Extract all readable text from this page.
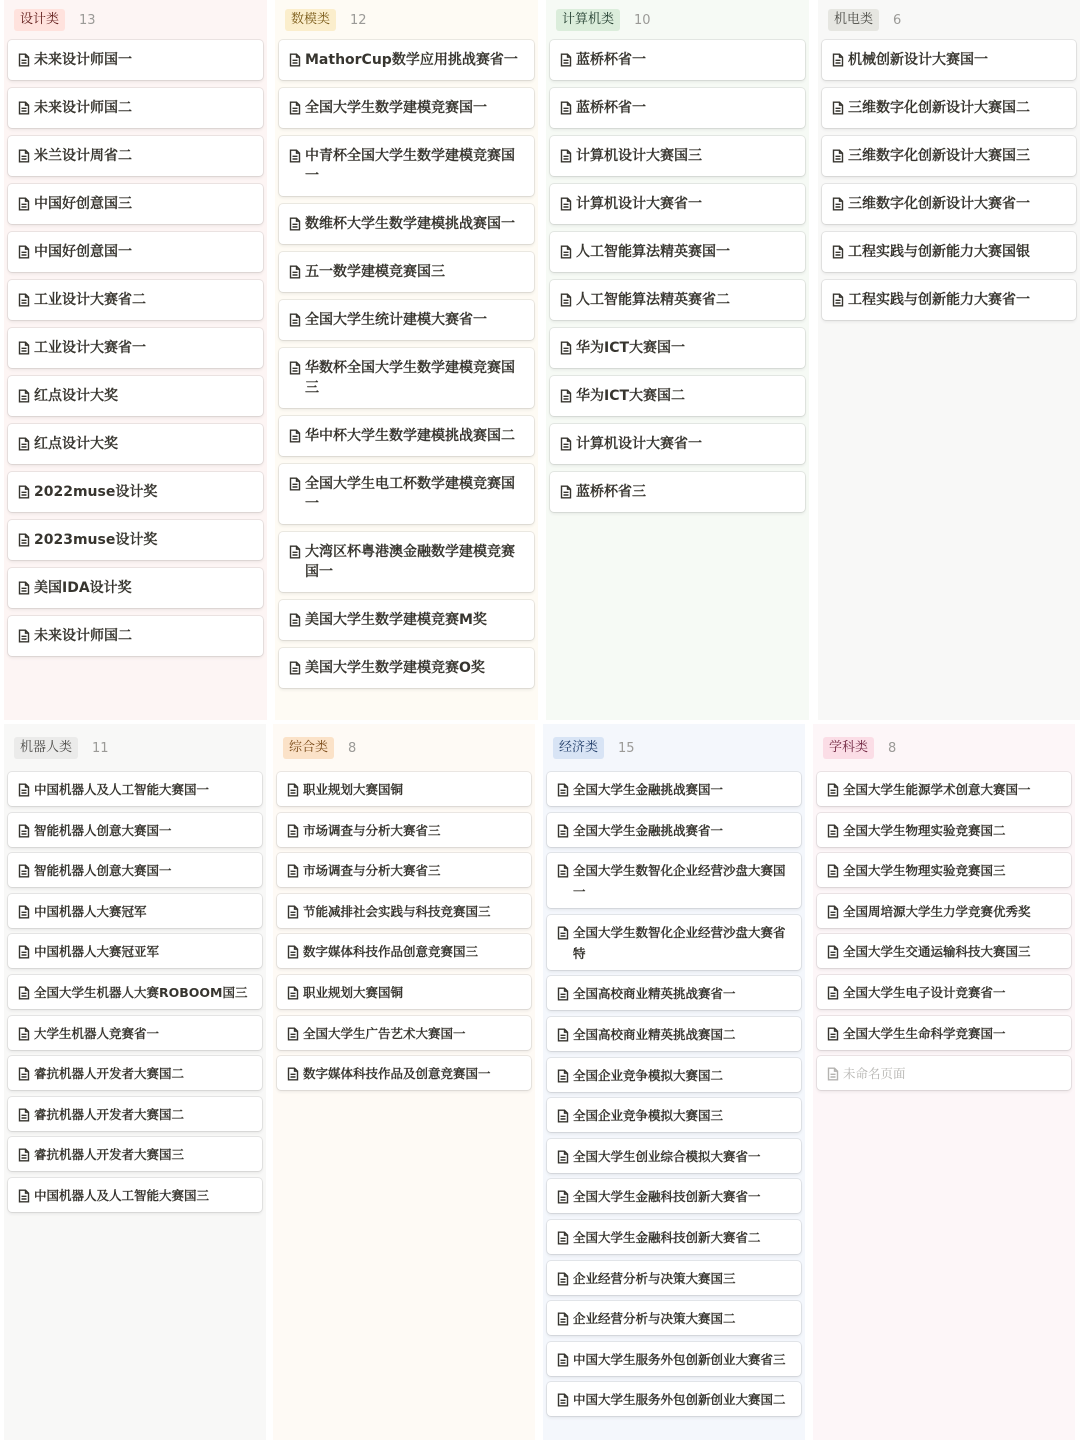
设计类	13
未来设计师国一
未来设计师国二
米兰设计周省二
中国好创意国三
中国好创意国一
工业设计大赛省二
工业设计大赛省一
红点设计大奖
红点设计大奖
2022muse设计奖
2023muse设计奖
美国IDA设计奖
未来设计师国二
数模类	12
MathorCup数学应用挑战赛省一
全国大学生数学建模竞赛国一
中青杯全国大学生数学建模竞赛国一
数维杯大学生数学建模挑战赛国一
五一数学建模竞赛国三
全国大学生统计建模大赛省一
华数杯全国大学生数学建模竞赛国三
华中杯大学生数学建模挑战赛国二
全国大学生电工杯数学建模竞赛国一
大湾区杯粤港澳金融数学建模竞赛国一
美国大学生数学建模竞赛M奖
美国大学生数学建模竞赛O奖
计算机类	10
蓝桥杯省一
蓝桥杯省一
计算机设计大赛国三
计算机设计大赛省一
人工智能算法精英赛国一
人工智能算法精英赛省二
华为ICT大赛国一
华为ICT大赛国二
计算机设计大赛省一
蓝桥杯省三
机电类	6
机械创新设计大赛国一
三维数字化创新设计大赛国二
三维数字化创新设计大赛国三
三维数字化创新设计大赛省一
工程实践与创新能力大赛国银
工程实践与创新能力大赛省一
机器人类	11
中国机器人及人工智能大赛国一
智能机器人创意大赛国一
智能机器人创意大赛国一
中国机器人大赛冠军
中国机器人大赛冠亚军
全国大学生机器人大赛ROBOOM国三
大学生机器人竞赛省一
睿抗机器人开发者大赛国二
睿抗机器人开发者大赛国二
睿抗机器人开发者大赛国三
中国机器人及人工智能大赛国三
综合类	8
职业规划大赛国铜
市场调查与分析大赛省三
市场调查与分析大赛省三
节能减排社会实践与科技竞赛国三
数字媒体科技作品创意竞赛国三
职业规划大赛国铜
全国大学生广告艺术大赛国一
数字媒体科技作品及创意竞赛国一
经济类	15
全国大学生金融挑战赛国一
全国大学生金融挑战赛省一
全国大学生数智化企业经营沙盘大赛国一
全国大学生数智化企业经营沙盘大赛省特
全国高校商业精英挑战赛省一
全国高校商业精英挑战赛国二
全国企业竞争模拟大赛国二
全国企业竞争模拟大赛国三
全国大学生创业综合模拟大赛省一
全国大学生金融科技创新大赛省一
全国大学生金融科技创新大赛省二
企业经营分析与决策大赛国三
企业经营分析与决策大赛国二
中国大学生服务外包创新创业大赛省三
中国大学生服务外包创新创业大赛国二
学科类	8
全国大学生能源学术创意大赛国一
全国大学生物理实验竞赛国二
全国大学生物理实验竞赛国三
全国周培源大学生力学竞赛优秀奖
全国大学生交通运输科技大赛国三
全国大学生电子设计竞赛省一
全国大学生生命科学竞赛国一
未命名页面
